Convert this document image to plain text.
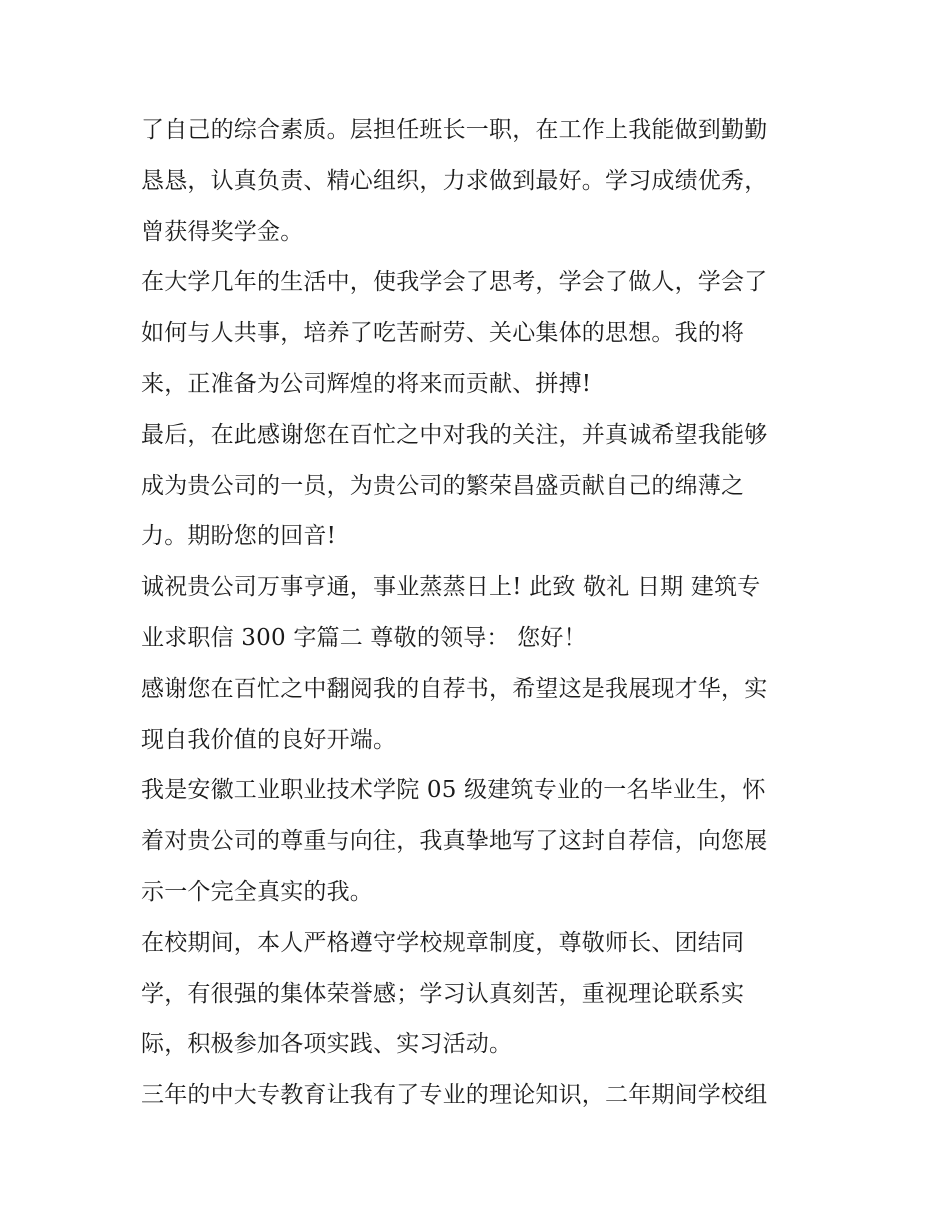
了自己的综合素质。层担任班长一职，在工作上我能做到勤勤
恳恳，认真负责、精心组织，力求做到最好。学习成绩优秀，
曾获得奖学金。
在大学几年的生活中，使我学会了思考，学会了做人，学会了
如何与人共事，培养了吃苦耐劳、关心集体的思想。我的将
来，正准备为公司辉煌的将来而贡献、拼搏!
最后，在此感谢您在百忙之中对我的关注，并真诚希望我能够
成为贵公司的一员，为贵公司的繁荣昌盛贡献自己的绵薄之
力。期盼您的回音!
诚祝贵公司万事亨通，事业蒸蒸日上! 此致 敬礼 日期 建筑专
业求职信 300 字篇二 尊敬的领导： 您好！
感谢您在百忙之中翻阅我的自荐书，希望这是我展现才华，实
现自我价值的良好开端。
我是安徽工业职业技术学院 05 级建筑专业的一名毕业生，怀
着对贵公司的尊重与向往，我真挚地写了这封自荐信，向您展
示一个完全真实的我。
在校期间，本人严格遵守学校规章制度，尊敬师长、团结同
学，有很强的集体荣誉感；学习认真刻苦，重视理论联系实
际，积极参加各项实践、实习活动。
三年的中大专教育让我有了专业的理论知识，二年期间学校组
